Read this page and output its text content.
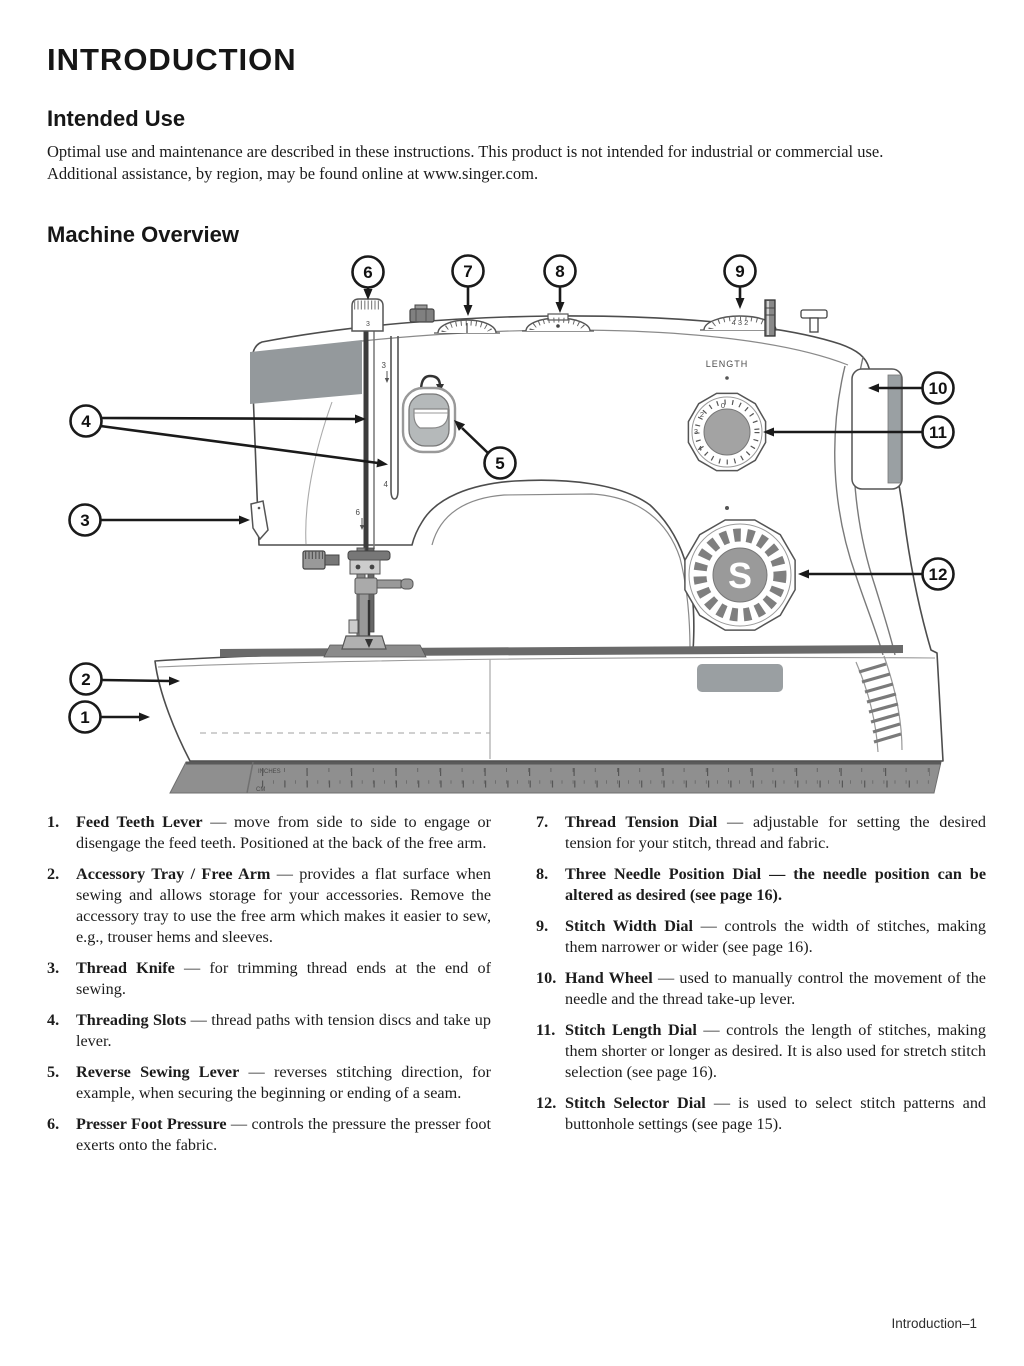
INTRODUCTION
Intended Use
Optimal use and maintenance are described in these instructions. This product is not intended for industrial or commercial use. Additional assistance, by region, may be found online at www.singer.com.
Machine Overview
3
4
6
3	4 3 2
LENGTH
0
2
3
4
S
INCHES
CM
1
2
3
4
5
6	7	8	9
10
11
12
1.	Feed Teeth Lever — move from side to side to engage or disengage the feed teeth. Positioned at the back of the free arm.
2.	Accessory Tray / Free Arm — provides a flat surface when sewing and allows storage for your accessories. Remove the accessory tray to use the free arm which makes it easier to sew, e.g., trouser hems and sleeves.
3.	Thread Knife — for trimming thread ends at the end of sewing.
4.	Threading Slots — thread paths with tension discs and take up lever.
5.	Reverse Sewing Lever — reverses stitching direction, for example, when securing the beginning or ending of a seam.
6.	Presser Foot Pressure — controls the pressure the presser foot exerts onto the fabric.
7.	Thread Tension Dial — adjustable for setting the desired tension for your stitch, thread and fabric.
8.	Three Needle Position Dial — the needle position can be altered as desired (see page 16).
9.	Stitch Width Dial — controls the width of stitches, making them narrower or wider (see page 16).
10. Hand Wheel — used to manually control the movement of the needle and the thread take-up lever.
11. Stitch Length Dial — controls the length of stitches, making them shorter or longer as desired. It is also used for stretch stitch selection (see page 16).
12. Stitch Selector Dial — is used to select stitch patterns and buttonhole settings (see page 15).
Introduction–1
